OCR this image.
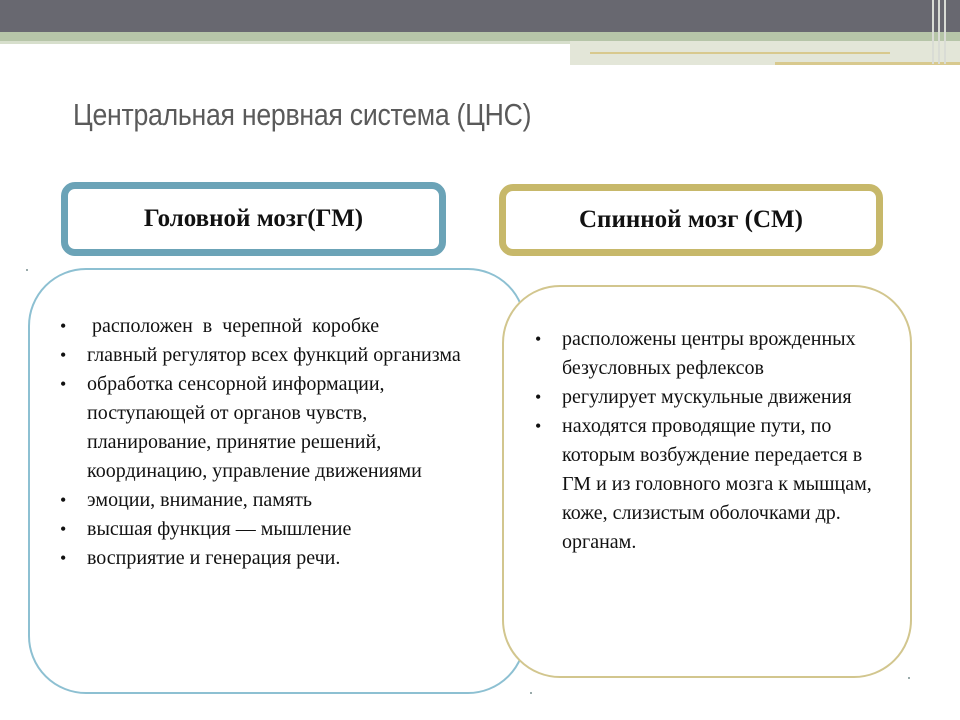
Центральная нервная система (ЦНС)
Головной мозг(ГМ)	Спинной мозг (СМ)
•  расположен  в  черепной  коробке
• главный регулятор всех функций организма
• обработка сенсорной информации, поступающей от органов чувств, планирование, принятие решений, координацию, управление движениями
• эмоции, внимание, память
• высшая функция — мышление
• восприятие и генерация речи.
• расположены центры врожденных безусловных рефлексов
• регулирует мускульные движения
• находятся проводящие пути, по которым возбуждение передается в ГМ и из головного мозга к мышцам, коже, слизистым оболочками др. органам.
